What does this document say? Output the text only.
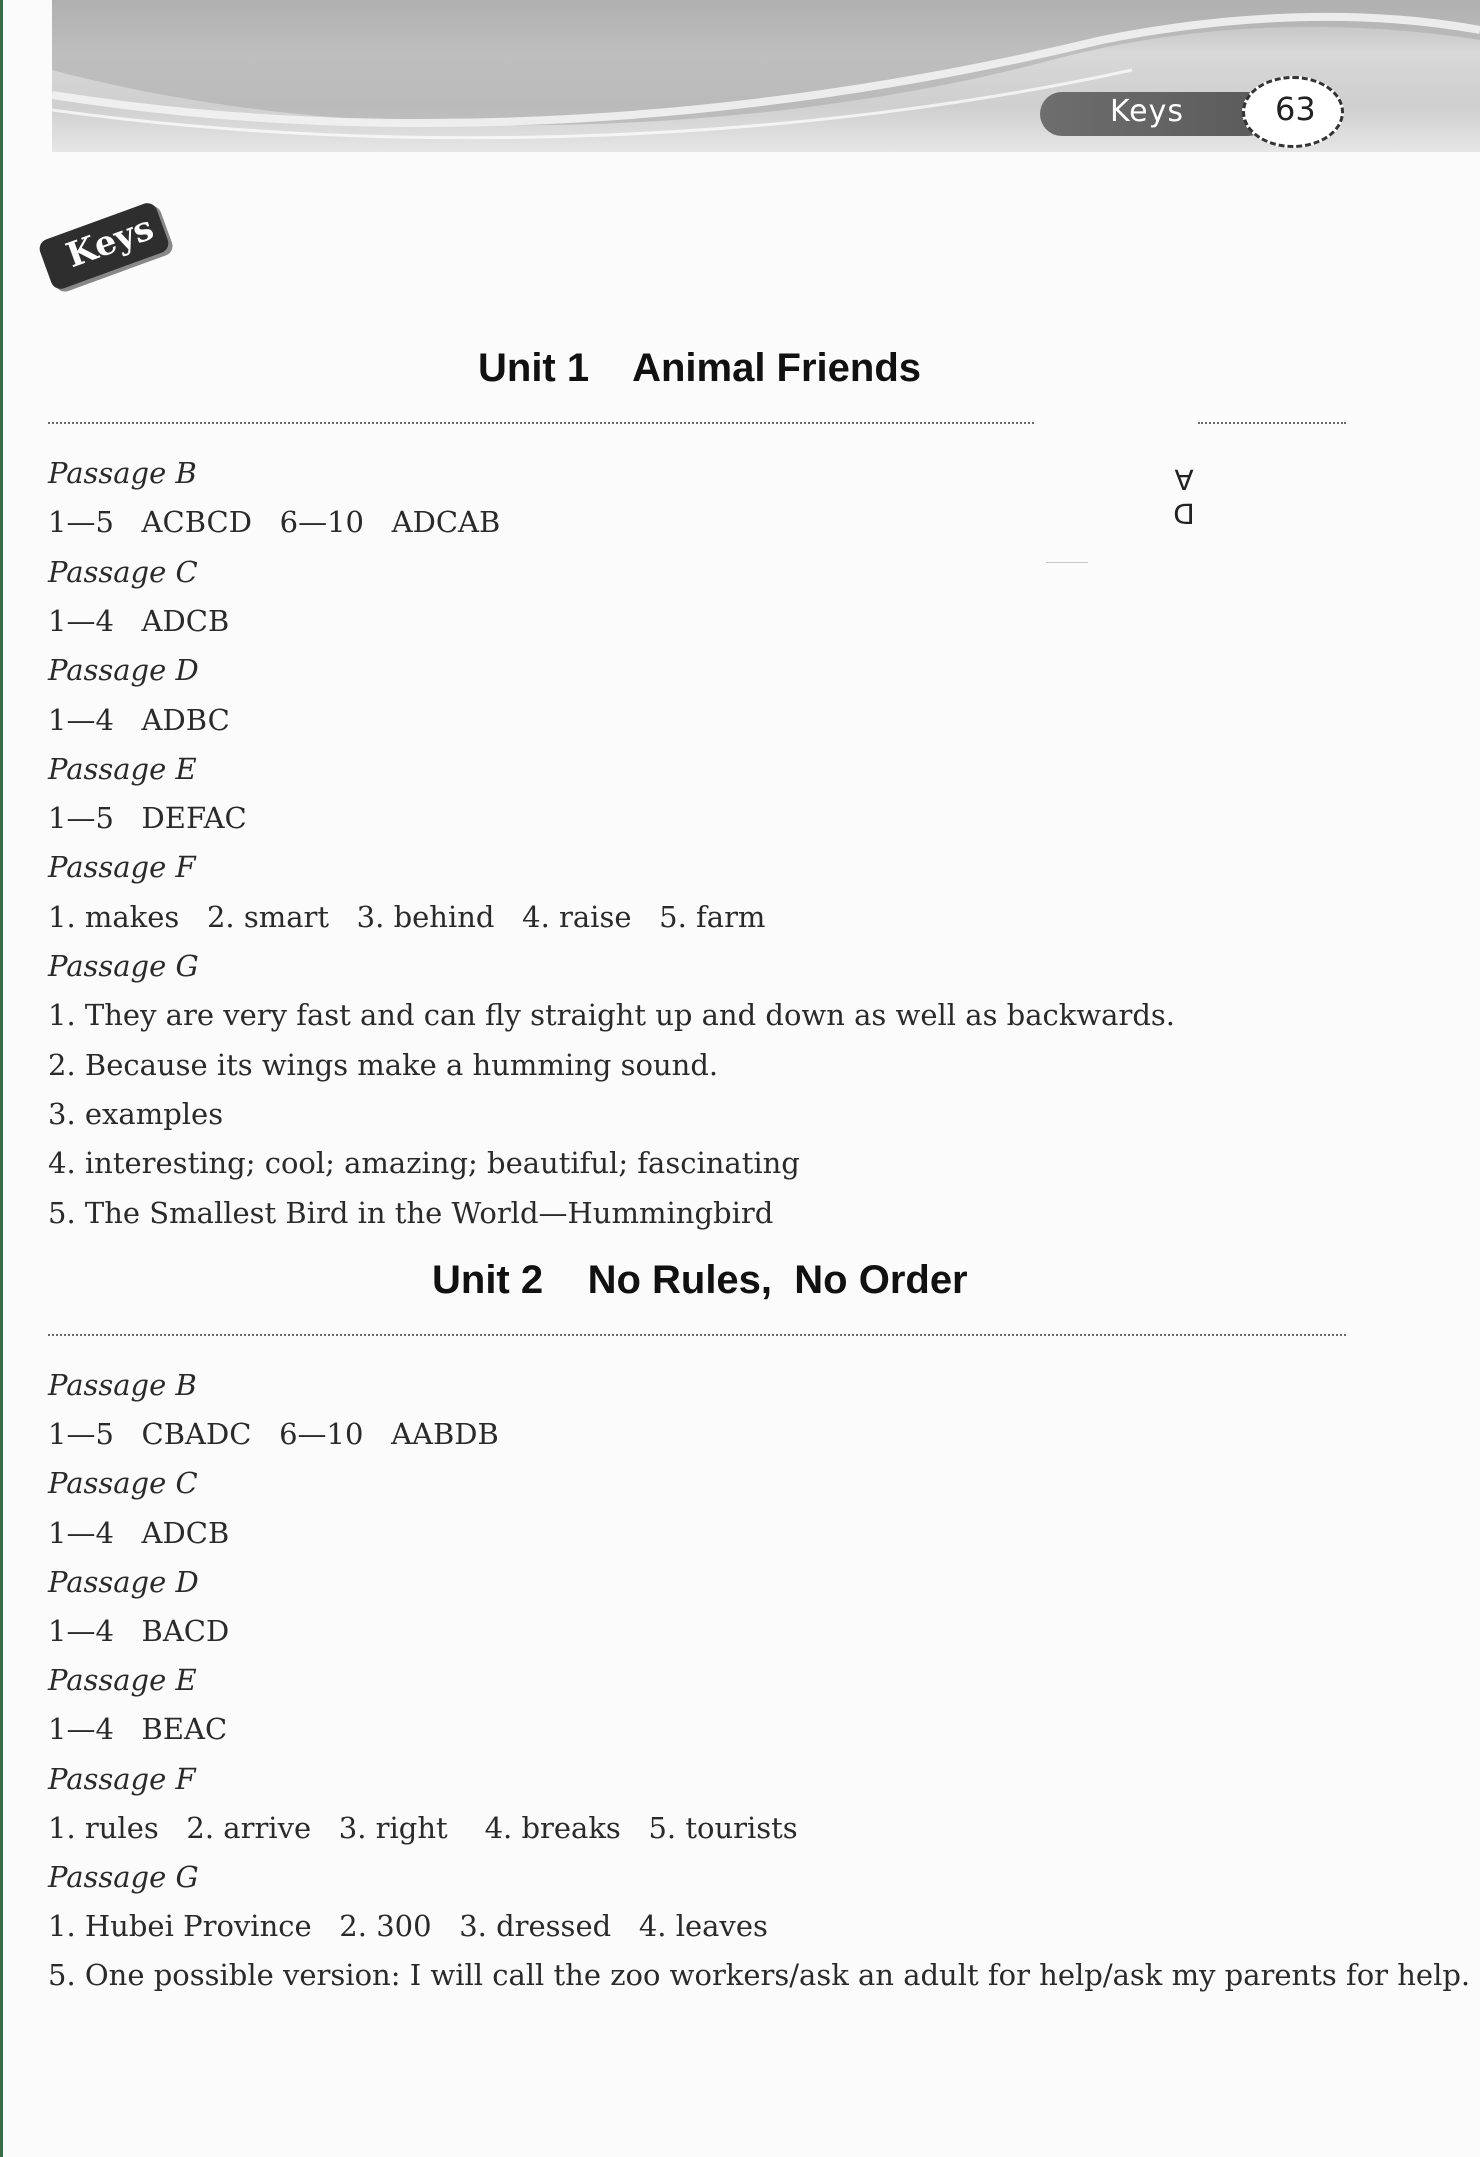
Keys	63
Keys
Unit 1    Animal Friends
D
A
Passage B
1—5   ACBCD   6—10   ADCAB
Passage C
1—4   ADCB
Passage D
1—4   ADBC
Passage E
1—5   DEFAC
Passage F
1. makes   2. smart   3. behind   4. raise   5. farm
Passage G
1. They are very fast and can fly straight up and down as well as backwards.
2. Because its wings make a humming sound.
3. examples
4. interesting; cool; amazing; beautiful; fascinating
5. The Smallest Bird in the World—Hummingbird
Unit 2    No Rules,  No Order
Passage B
1—5   CBADC   6—10   AABDB
Passage C
1—4   ADCB
Passage D
1—4   BACD
Passage E
1—4   BEAC
Passage F
1. rules   2. arrive   3. right    4. breaks   5. tourists
Passage G
1. Hubei Province   2. 300   3. dressed   4. leaves
5. One possible version: I will call the zoo workers/ask an adult for help/ask my parents for help.
